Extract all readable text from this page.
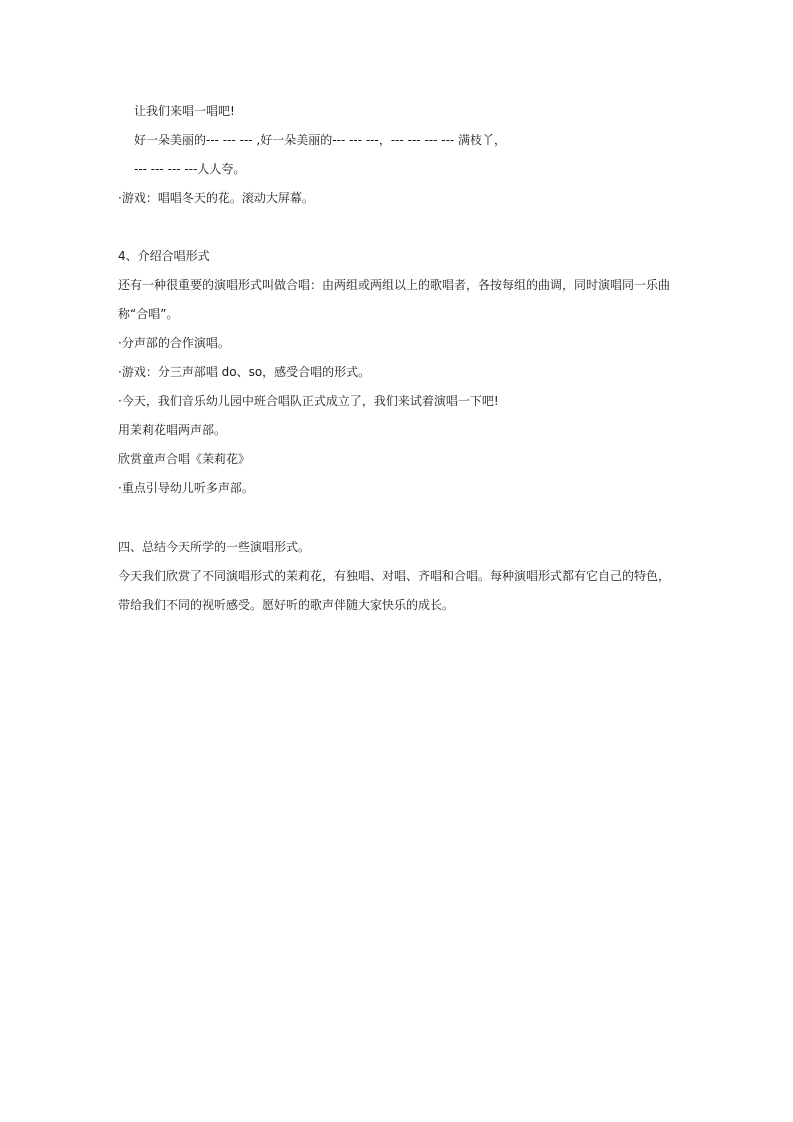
让我们来唱一唱吧!
好一朵美丽的--- --- --- ,好一朵美丽的--- --- ---，--- --- --- --- 满枝丫，
--- --- --- ---人人夸。
·游戏：唱唱冬天的花。滚动大屏幕。
4、介绍合唱形式
还有一种很重要的演唱形式叫做合唱：由两组或两组以上的歌唱者，各按每组的曲调，同时演唱同一乐曲
称“合唱”。
·分声部的合作演唱。
·游戏：分三声部唱 do、so，感受合唱的形式。
·今天，我们音乐幼儿园中班合唱队正式成立了，我们来试着演唱一下吧!
用茉莉花唱两声部。
欣赏童声合唱《茉莉花》
·重点引导幼儿听多声部。
四、总结今天所学的一些演唱形式。
今天我们欣赏了不同演唱形式的茉莉花，有独唱、对唱、齐唱和合唱。每种演唱形式都有它自己的特色，
带给我们不同的视听感受。愿好听的歌声伴随大家快乐的成长。
